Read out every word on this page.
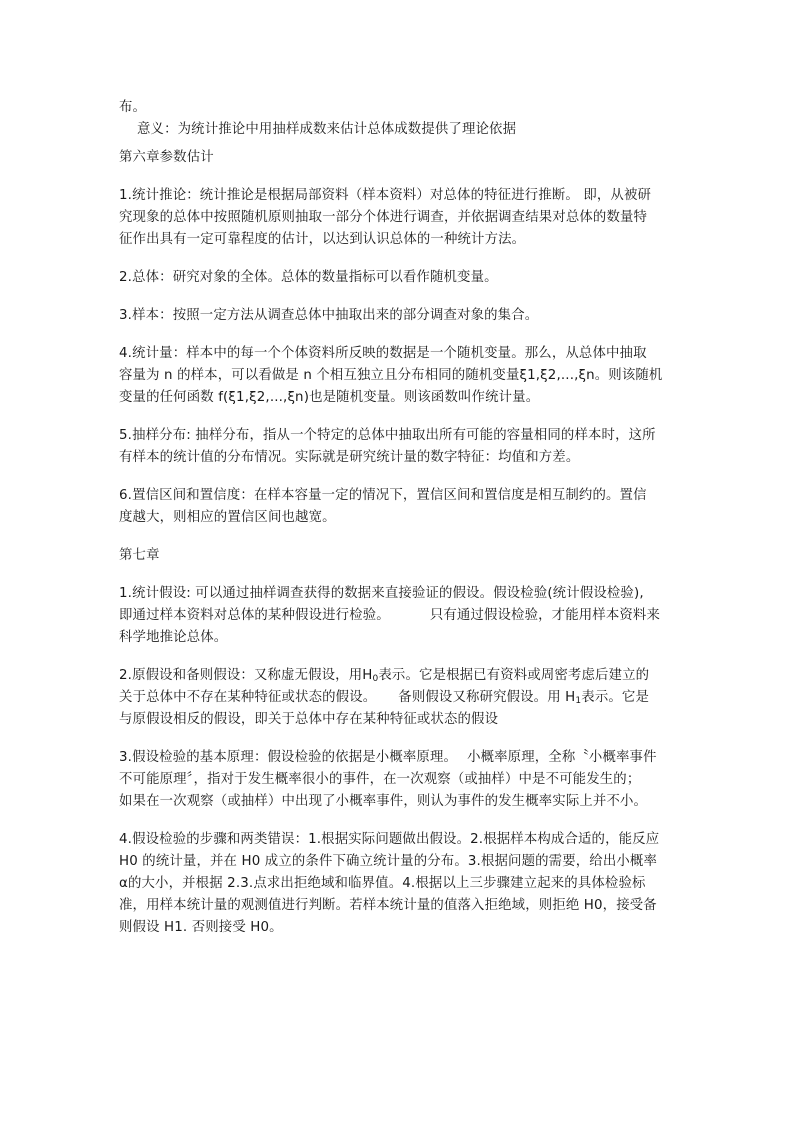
布。
意义：为统计推论中用抽样成数来估计总体成数提供了理论依据

第六章参数估计

1.统计推论：统计推论是根据局部资料（样本资料）对总体的特征进行推断。 即，从被研
究现象的总体中按照随机原则抽取一部分个体进行调查，并依据调查结果对总体的数量特
征作出具有一定可靠程度的估计，以达到认识总体的一种统计方法。

2.总体：研究对象的全体。总体的数量指标可以看作随机变量。

3.样本：按照一定方法从调查总体中抽取出来的部分调查对象的集合。

4.统计量：样本中的每一个个体资料所反映的数据是一个随机变量。那么，从总体中抽取
容量为 n 的样本，可以看做是 n 个相互独立且分布相同的随机变量ξ1,ξ2,...,ξn。则该随机
变量的任何函数 f(ξ1,ξ2,...,ξn)也是随机变量。则该函数叫作统计量。

5.抽样分布: 抽样分布，指从一个特定的总体中抽取出所有可能的容量相同的样本时，这所
有样本的统计值的分布情况。实际就是研究统计量的数字特征：均值和方差。

6.置信区间和置信度：在样本容量一定的情况下，置信区间和置信度是相互制约的。置信
度越大，则相应的置信区间也越宽。

第七章

1.统计假设: 可以通过抽样调查获得的数据来直接验证的假设。假设检验(统计假设检验),
即通过样本资料对总体的某种假设进行检验。	只有通过假设检验，才能用样本资料来
科学地推论总体。

2.原假设和备则假设：又称虚无假设，用$H_0$表示。它是根据已有资料或周密考虑后建立的
关于总体中不存在某种特征或状态的假设。 备则假设又称研究假设。用 $H_1$表示。它是
与原假设相反的假设，即关于总体中存在某种特征或状态的假设

3.假设检验的基本原理：假设检验的依据是小概率原理。 小概率原理，全称〝小概率事件
不可能原理〞，指对于发生概率很小的事件，在一次观察（或抽样）中是不可能发生的；
如果在一次观察（或抽样）中出现了小概率事件，则认为事件的发生概率实际上并不小。

4.假设检验的步骤和两类错误：1.根据实际问题做出假设。2.根据样本构成合适的，能反应
H0 的统计量，并在 H0 成立的条件下确立统计量的分布。3.根据问题的需要，给出小概率
α的大小，并根据 2.3.点求出拒绝域和临界值。4.根据以上三步骤建立起来的具体检验标
准，用样本统计量的观测值进行判断。若样本统计量的值落入拒绝域，则拒绝 H0，接受备
则假设 H1. 否则接受 H0。
